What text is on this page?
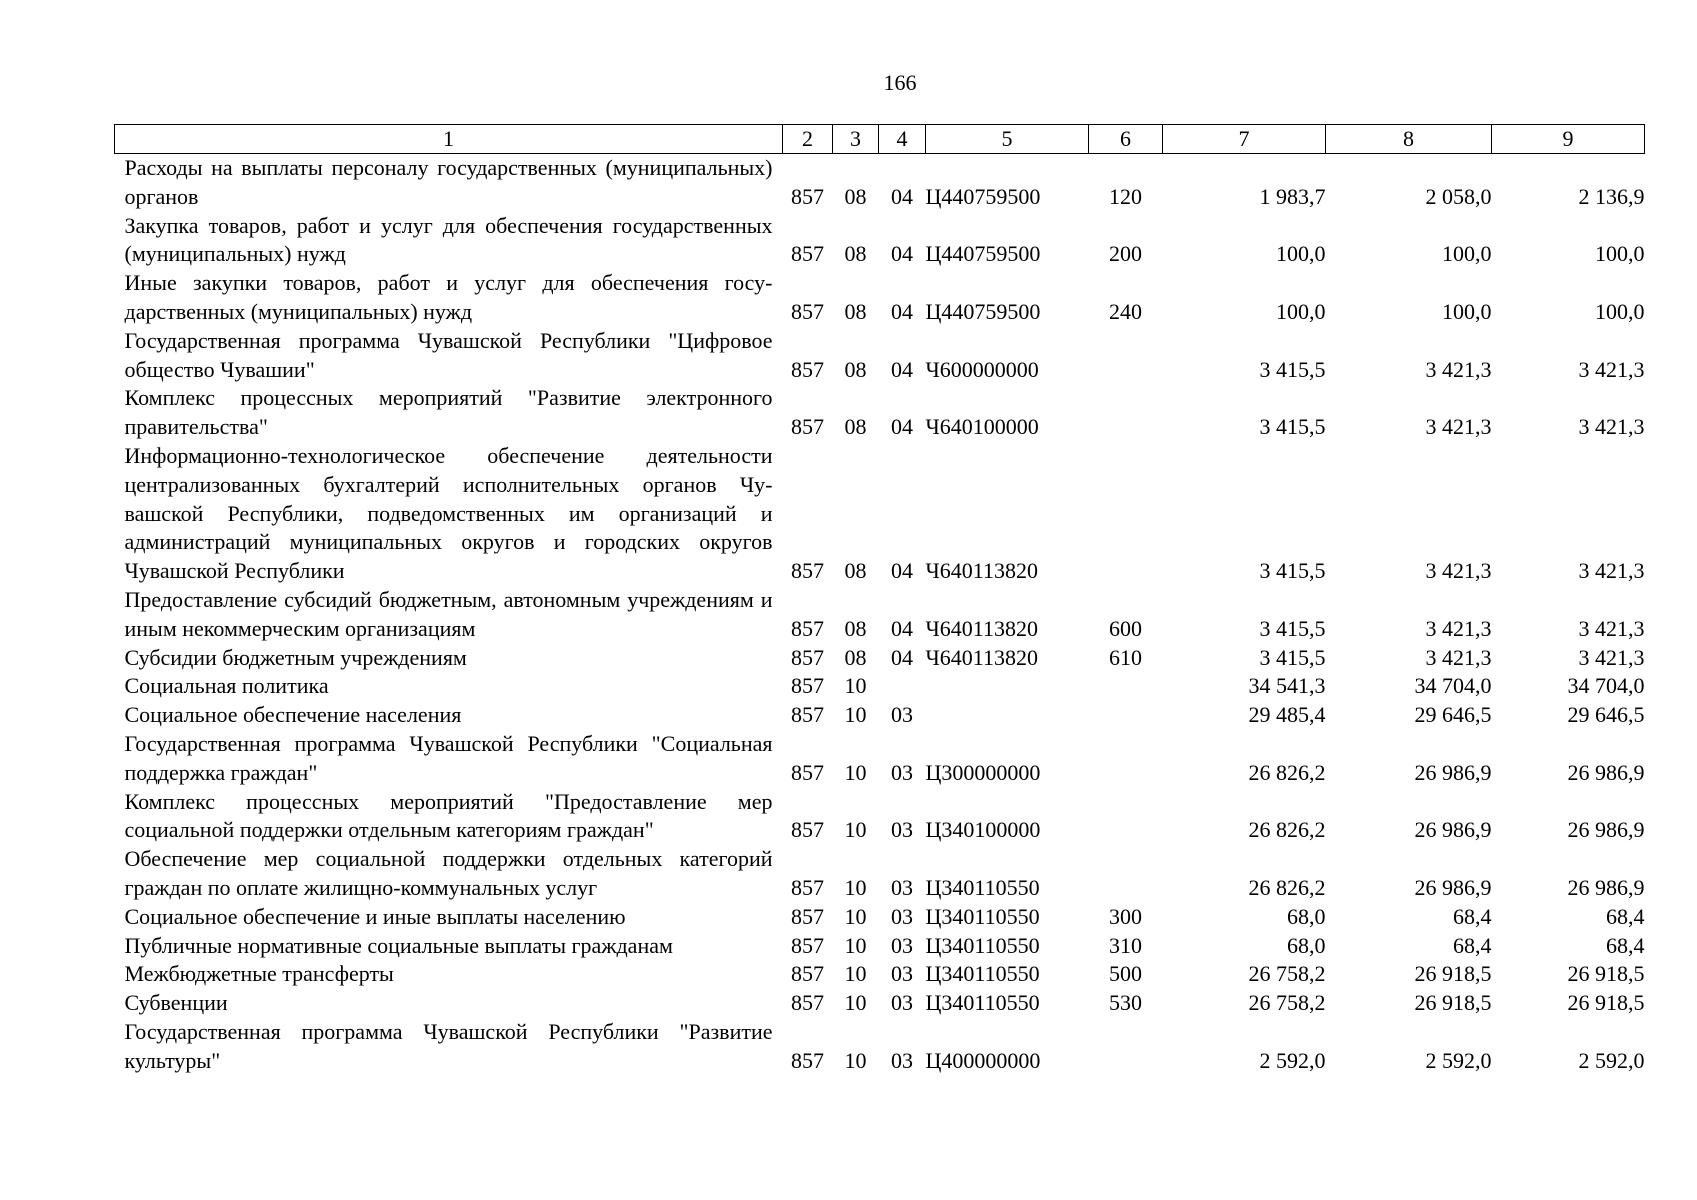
166
1	2	3	4	5	6	7	8	9
Расходы на выплаты персоналу государственных (муниципальных) органов	857	08	04	Ц440759500	120	1 983,7	2 058,0	2 136,9
Закупка товаров, работ и услуг для обеспечения государственных (муниципальных) нужд	857	08	04	Ц440759500	200	100,0	100,0	100,0
Иные закупки товаров, работ и услуг для обеспечения государственных (муниципальных) нужд	857	08	04	Ц440759500	240	100,0	100,0	100,0
Государственная программа Чувашской Республики "Цифровое общество Чувашии"	857	08	04	Ч600000000		3 415,5	3 421,3	3 421,3
Комплекс процессных мероприятий "Развитие электронного правительства"	857	08	04	Ч640100000		3 415,5	3 421,3	3 421,3
Информационно-технологическое обеспечение деятельности централизованных бухгалтерий исполнительных органов Чувашской Республики, подведомственных им организаций и администраций муниципальных округов и городских округов Чувашской Республики	857	08	04	Ч640113820		3 415,5	3 421,3	3 421,3
Предоставление субсидий бюджетным, автономным учреждениям и иным некоммерческим организациям	857	08	04	Ч640113820	600	3 415,5	3 421,3	3 421,3
Субсидии бюджетным учреждениям	857	08	04	Ч640113820	610	3 415,5	3 421,3	3 421,3
Социальная политика	857	10				34 541,3	34 704,0	34 704,0
Социальное обеспечение населения	857	10	03			29 485,4	29 646,5	29 646,5
Государственная программа Чувашской Республики "Социальная поддержка граждан"	857	10	03	Ц300000000		26 826,2	26 986,9	26 986,9
Комплекс процессных мероприятий "Предоставление мер социальной поддержки отдельным категориям граждан"	857	10	03	Ц340100000		26 826,2	26 986,9	26 986,9
Обеспечение мер социальной поддержки отдельных категорий граждан по оплате жилищно-коммунальных услуг	857	10	03	Ц340110550		26 826,2	26 986,9	26 986,9
Социальное обеспечение и иные выплаты населению	857	10	03	Ц340110550	300	68,0	68,4	68,4
Публичные нормативные социальные выплаты гражданам	857	10	03	Ц340110550	310	68,0	68,4	68,4
Межбюджетные трансферты	857	10	03	Ц340110550	500	26 758,2	26 918,5	26 918,5
Субвенции	857	10	03	Ц340110550	530	26 758,2	26 918,5	26 918,5
Государственная программа Чувашской Республики "Развитие культуры"	857	10	03	Ц400000000		2 592,0	2 592,0	2 592,0
